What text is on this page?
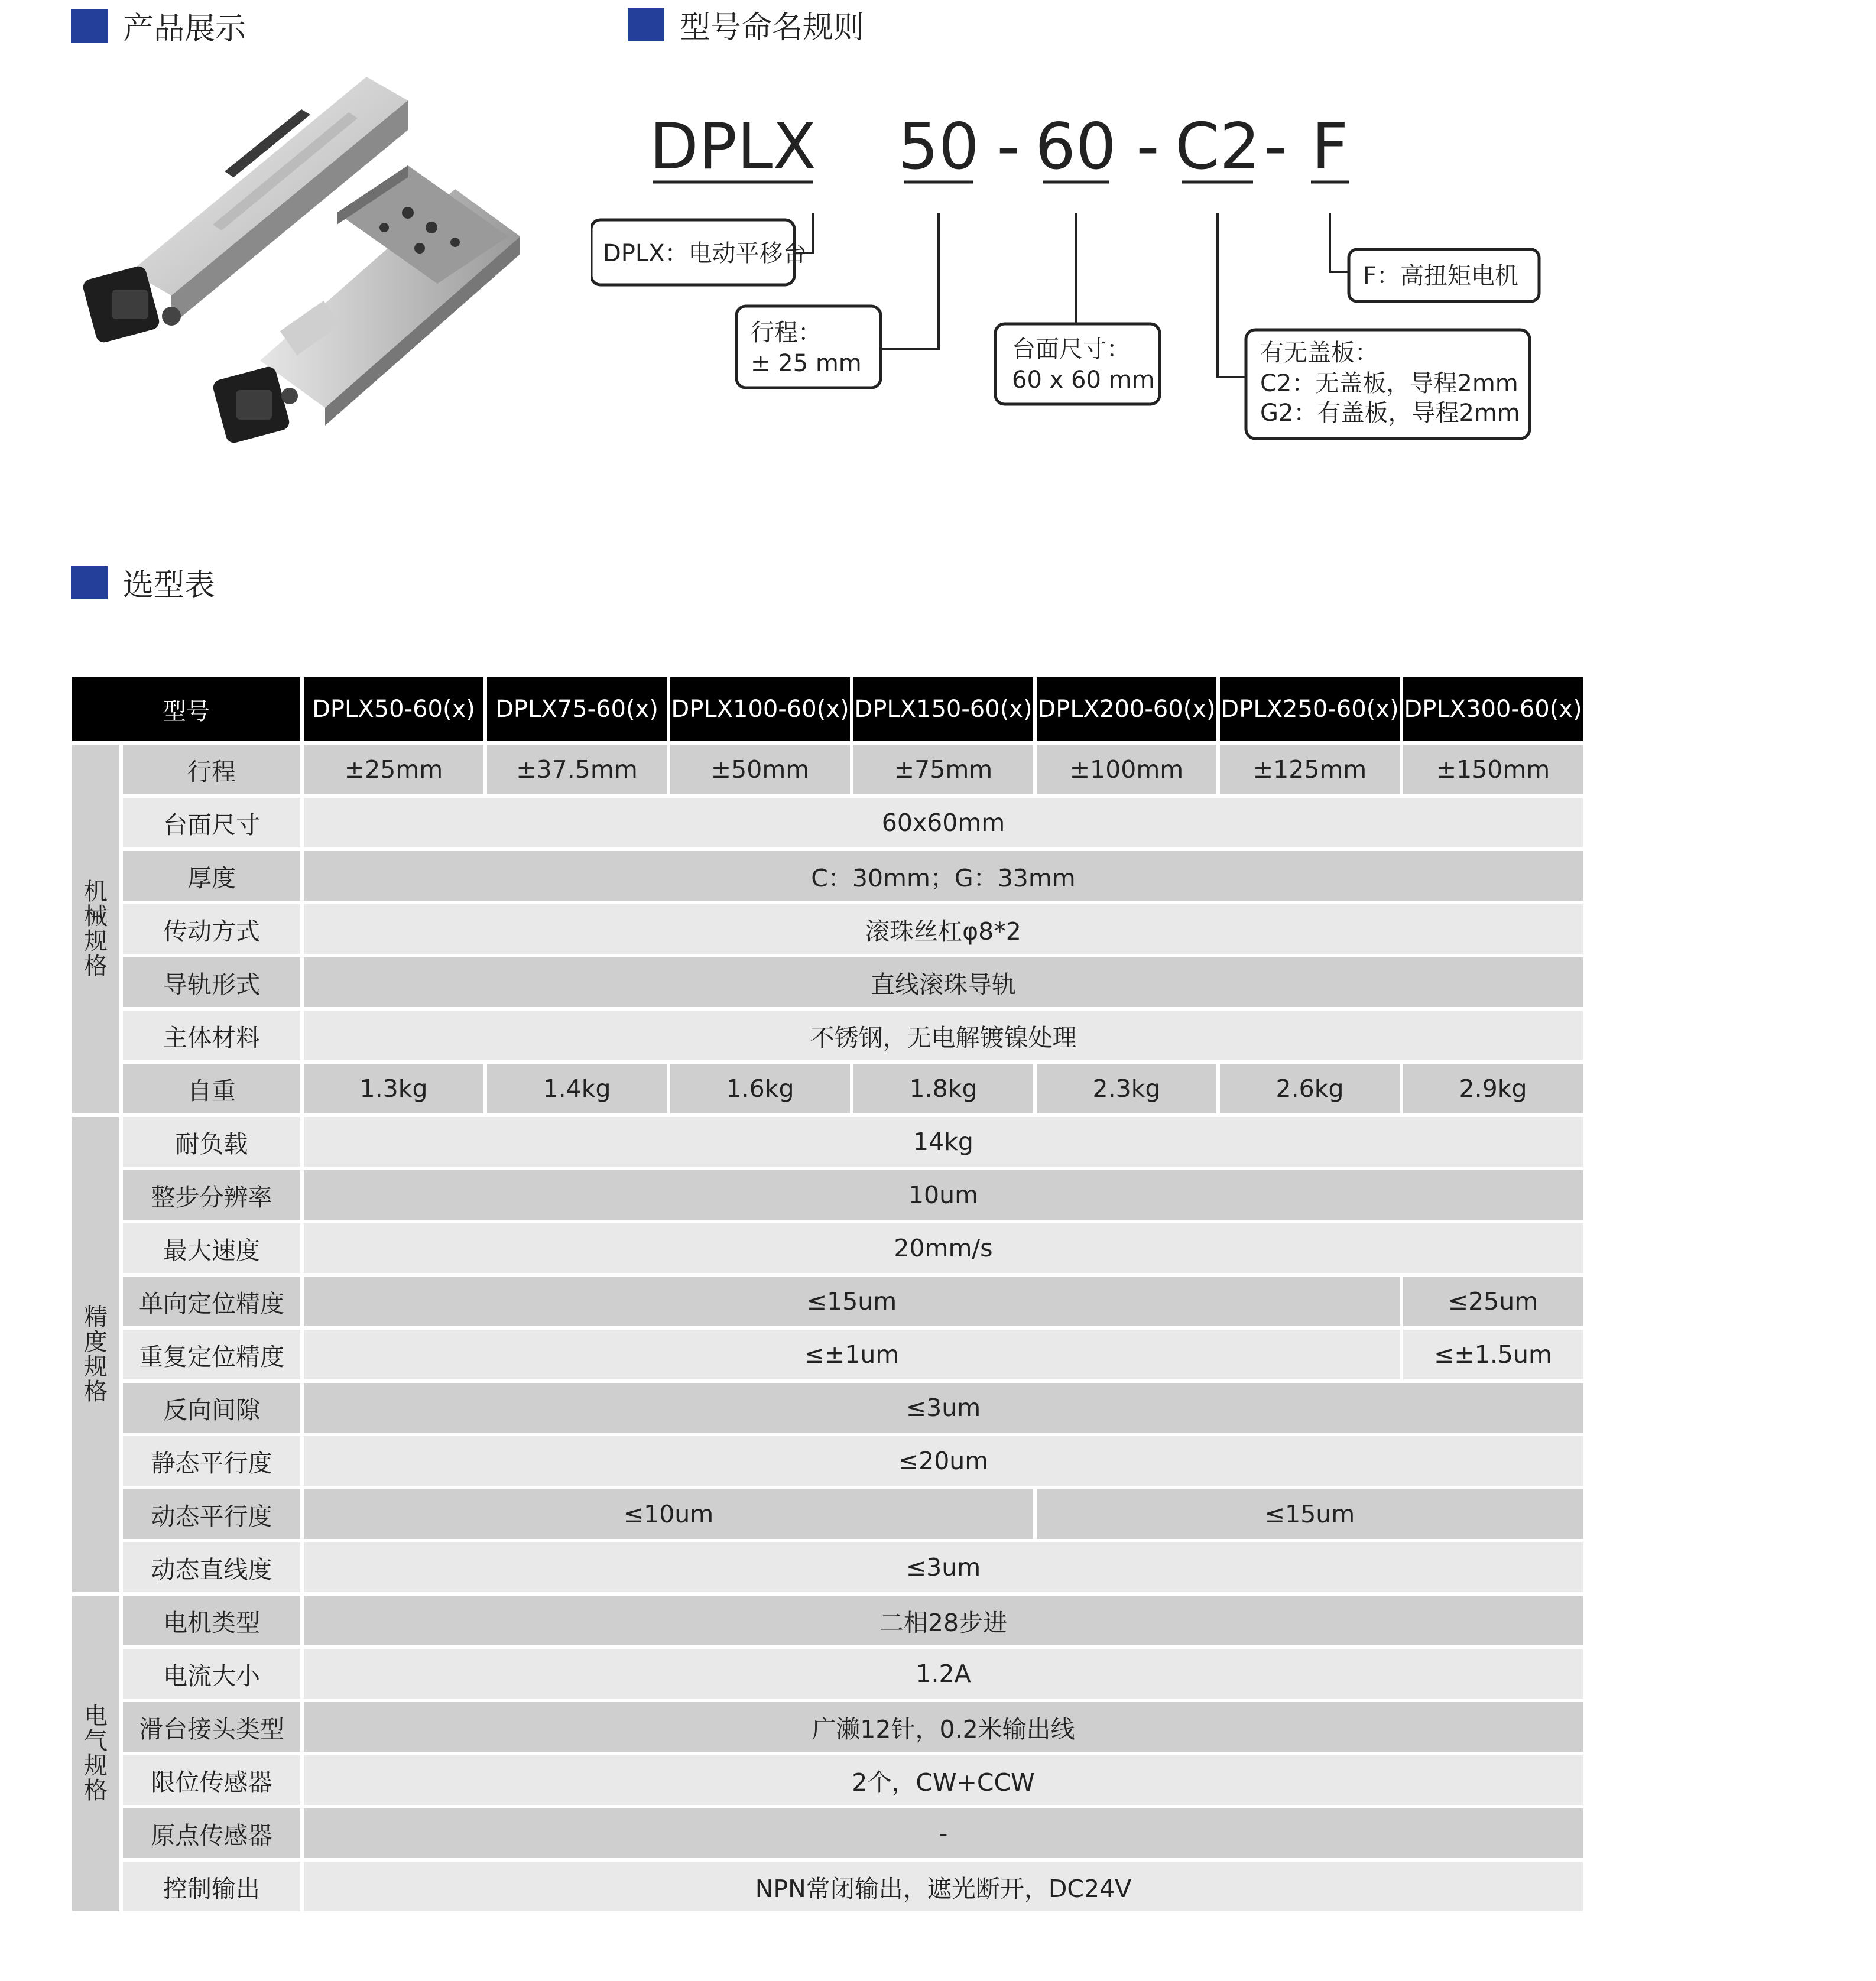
产品展示	型号命名规则
选型表
DPLX 50 - 60 - C2 - F
DPLX：电动平移台
行程：
± 25 mm
台面尺寸：
60 x 60 mm
有无盖板：
C2：无盖板，导程2mm
G2：有盖板，导程2mm
F：高扭矩电机
型号		DPLX50-60(x)	DPLX75-60(x)	DPLX100-60(x)	DPLX150-60(x)	DPLX200-60(x)	DPLX250-60(x)	DPLX300-60(x)
机械规格	行程	±25mm	±37.5mm	±50mm	±75mm	±100mm	±125mm	±150mm
	台面尺寸	60x60mm						
	厚度	C：30mm；G：33mm						
	传动方式	滚珠丝杠φ8*2						
	导轨形式	直线滚珠导轨						
	主体材料	不锈钢，无电解镀镍处理						
	自重	1.3kg	1.4kg	1.6kg	1.8kg	2.3kg	2.6kg	2.9kg
精度规格	耐负载	14kg						
	整步分辨率	10um						
	最大速度	20mm/s						
	单向定位精度	≤15um						≤25um
	重复定位精度	≤±1um						≤±1.5um
	反向间隙	≤3um						
	静态平行度	≤20um						
	动态平行度	≤10um				≤15um		
	动态直线度	≤3um						
电气规格	电机类型	二相28步进						
	电流大小	1.2A						
	滑台接头类型	广濑12针，0.2米输出线						
	限位传感器	2个，CW+CCW						
	原点传感器	-						
	控制输出	NPN常闭输出，遮光断开，DC24V						
